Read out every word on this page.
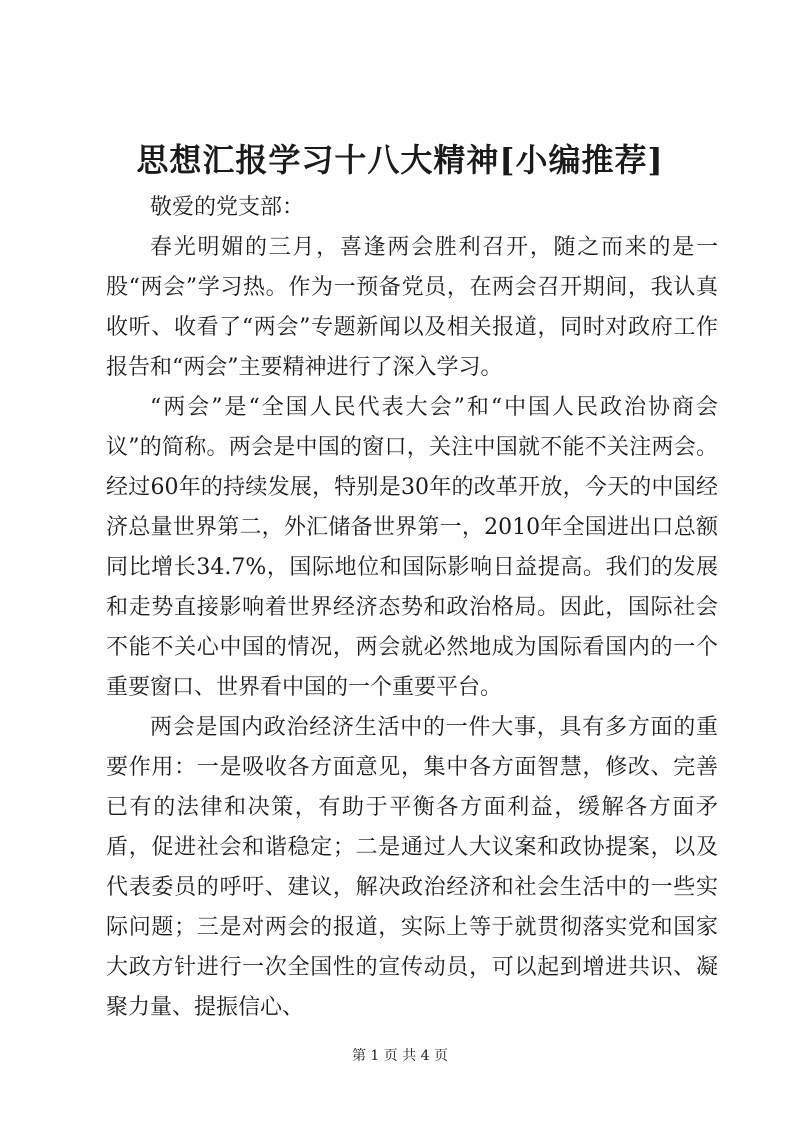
思想汇报学习十八大精神[小编推荐]

敬爱的党支部：

春光明媚的三月，喜逢两会胜利召开，随之而来的是一股“两会”学习热。作为一预备党员，在两会召开期间，我认真收听、收看了“两会”专题新闻以及相关报道，同时对政府工作报告和“两会”主要精神进行了深入学习。

“两会”是“全国人民代表大会”和“中国人民政治协商会议”的简称。两会是中国的窗口，关注中国就不能不关注两会。经过60年的持续发展，特别是30年的改革开放，今天的中国经济总量世界第二，外汇储备世界第一，2010年全国进出口总额同比增长34.7%，国际地位和国际影响日益提高。我们的发展和走势直接影响着世界经济态势和政治格局。因此，国际社会不能不关心中国的情况，两会就必然地成为国际看国内的一个重要窗口、世界看中国的一个重要平台。

两会是国内政治经济生活中的一件大事，具有多方面的重要作用：一是吸收各方面意见，集中各方面智慧，修改、完善已有的法律和决策，有助于平衡各方面利益，缓解各方面矛盾，促进社会和谐稳定；二是通过人大议案和政协提案，以及代表委员的呼吁、建议，解决政治经济和社会生活中的一些实际问题；三是对两会的报道，实际上等于就贯彻落实党和国家大政方针进行一次全国性的宣传动员，可以起到增进共识、凝聚力量、提振信心、

第 1 页 共 4 页
